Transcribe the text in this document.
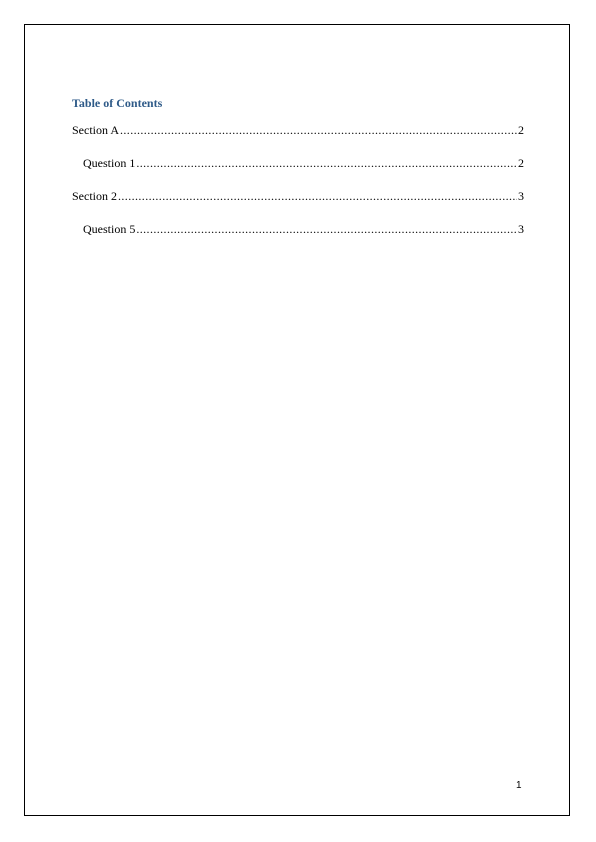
Table of Contents
Section A .....	2
Question 1 .....	2
Section 2 .....	3
Question 5 .....	3
1
